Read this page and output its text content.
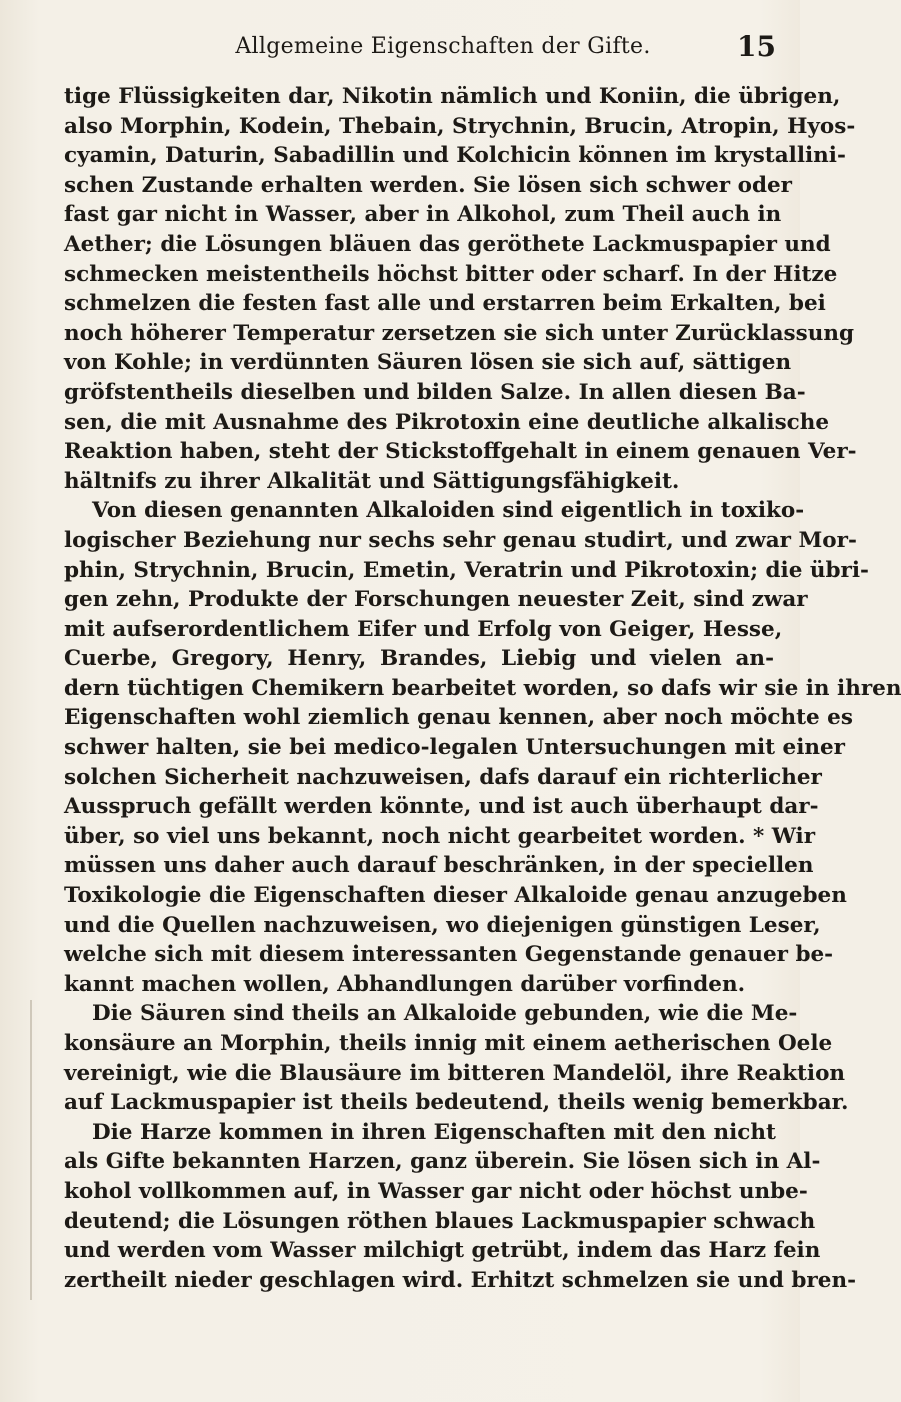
Allgemeine Eigenschaften der Gifte.	15
tige Flüssigkeiten dar, Nikotin nämlich und Koniin, die übrigen,
also Morphin, Kodein, Thebain, Strychnin, Brucin, Atropin, Hyos-
cyamin, Daturin, Sabadillin und Kolchicin können im krystallini-
schen Zustande erhalten werden. Sie lösen sich schwer oder
fast gar nicht in Wasser, aber in Alkohol, zum Theil auch in
Aether; die Lösungen bläuen das geröthete Lackmuspapier und
schmecken meistentheils höchst bitter oder scharf. In der Hitze
schmelzen die festen fast alle und erstarren beim Erkalten, bei
noch höherer Temperatur zersetzen sie sich unter Zurücklassung
von Kohle; in verdünnten Säuren lösen sie sich auf, sättigen
gröfstentheils dieselben und bilden Salze. In allen diesen Ba-
sen, die mit Ausnahme des Pikrotoxin eine deutliche alkalische
Reaktion haben, steht der Stickstoffgehalt in einem genauen Ver-
hältnifs zu ihrer Alkalität und Sättigungsfähigkeit.
Von diesen genannten Alkaloiden sind eigentlich in toxiko-
logischer Beziehung nur sechs sehr genau studirt, und zwar Mor-
phin, Strychnin, Brucin, Emetin, Veratrin und Pikrotoxin; die übri-
gen zehn, Produkte der Forschungen neuester Zeit, sind zwar
mit aufserordentlichem Eifer und Erfolg von Geiger, Hesse,
Cuerbe, Gregory, Henry, Brandes, Liebig und vielen an-
dern tüchtigen Chemikern bearbeitet worden, so dafs wir sie in ihren
Eigenschaften wohl ziemlich genau kennen, aber noch möchte es
schwer halten, sie bei medico-legalen Untersuchungen mit einer
solchen Sicherheit nachzuweisen, dafs darauf ein richterlicher
Ausspruch gefällt werden könnte, und ist auch überhaupt dar-
über, so viel uns bekannt, noch nicht gearbeitet worden. * Wir
müssen uns daher auch darauf beschränken, in der speciellen
Toxikologie die Eigenschaften dieser Alkaloide genau anzugeben
und die Quellen nachzuweisen, wo diejenigen günstigen Leser,
welche sich mit diesem interessanten Gegenstande genauer be-
kannt machen wollen, Abhandlungen darüber vorfinden.
Die Säuren sind theils an Alkaloide gebunden, wie die Me-
konsäure an Morphin, theils innig mit einem aetherischen Oele
vereinigt, wie die Blausäure im bitteren Mandelöl, ihre Reaktion
auf Lackmuspapier ist theils bedeutend, theils wenig bemerkbar.
Die Harze kommen in ihren Eigenschaften mit den nicht
als Gifte bekannten Harzen, ganz überein. Sie lösen sich in Al-
kohol vollkommen auf, in Wasser gar nicht oder höchst unbe-
deutend; die Lösungen röthen blaues Lackmuspapier schwach
und werden vom Wasser milchigt getrübt, indem das Harz fein
zertheilt nieder geschlagen wird. Erhitzt schmelzen sie und bren-
